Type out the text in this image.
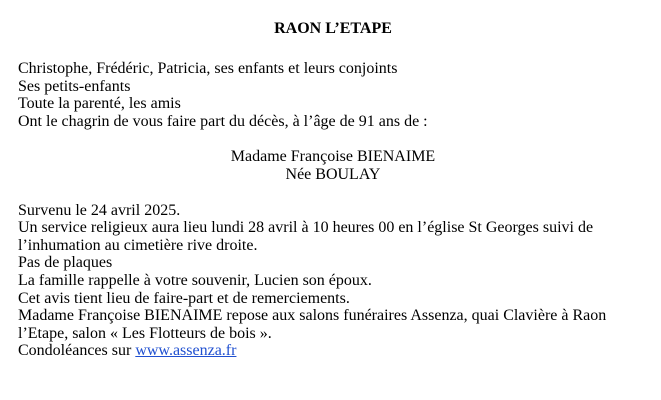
RAON L’ETAPE
Christophe, Frédéric, Patricia, ses enfants et leurs conjoints
Ses petits-enfants
Toute la parenté, les amis
Ont le chagrin de vous faire part du décès, à l’âge de 91 ans de :
Madame Françoise BIENAIME
Née BOULAY
Survenu le 24 avril 2025.
Un service religieux aura lieu lundi 28 avril à 10 heures 00 en l’église St Georges suivi de l’inhumation au cimetière rive droite.
Pas de plaques
La famille rappelle à votre souvenir, Lucien son époux.
Cet avis tient lieu de faire-part et de remerciements.
Madame Françoise BIENAIME repose aux salons funéraires Assenza, quai Clavière à Raon l’Etape, salon « Les Flotteurs de bois ».
Condoléances sur www.assenza.fr
